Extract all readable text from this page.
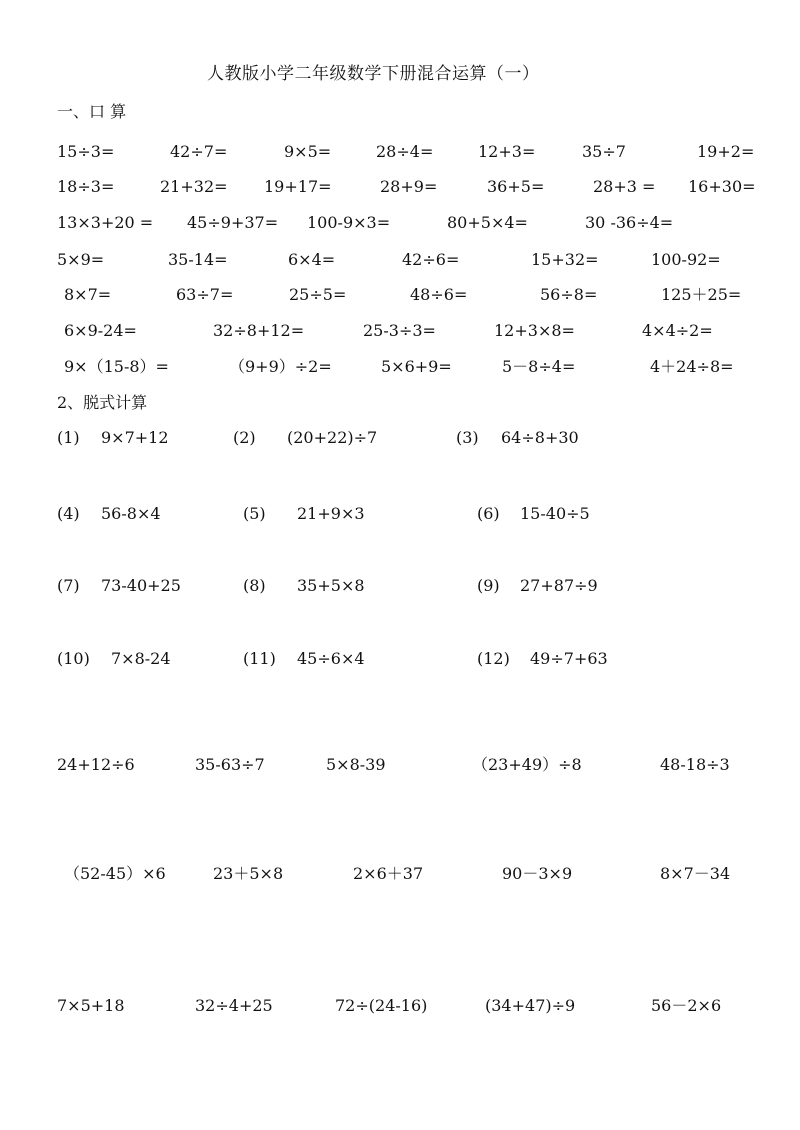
人教版小学二年级数学下册混合运算（一）
一、口 算
15÷3=	42÷7=	9×5=	28÷4=	12+3=	35÷7	19+2=
18÷3=	21+32= 19+17=	28+9=	36+5=	28+3 = 16+30=
13×3+20 = 45÷9+37= 100-9×3=	80+5×4=	30 -36÷4=
5×9=	35-14=	6×4=	42÷6=	15+32=	100-92=
8×7=	63÷7=	25÷5=	48÷6=	56÷8=	125＋25=
6×9-24=	32÷8+12=	25-3÷3=	12+3×8=	4×4÷2=
9×（15-8）=	（9+9）÷2=	5×6+9=	5－8÷4=	4＋24÷8=
2、脱式计算
(1) 9×7+12	(2) (20+22)÷7	(3) 64÷8+30
(4) 56-8×4	(5) 21+9×3	(6) 15-40÷5
(7) 73-40+25	(8) 35+5×8	(9) 27+87÷9
(10) 7×8-24	(11) 45÷6×4	(12) 49÷7+63
24+12÷6	35-63÷7	5×8-39	（23+49）÷8	48-18÷3
（52-45）×6	23＋5×8	2×6＋37	90－3×9	8×7－34
7×5+18	32÷4+25	72÷(24-16)	(34+47)÷9	56－2×6
